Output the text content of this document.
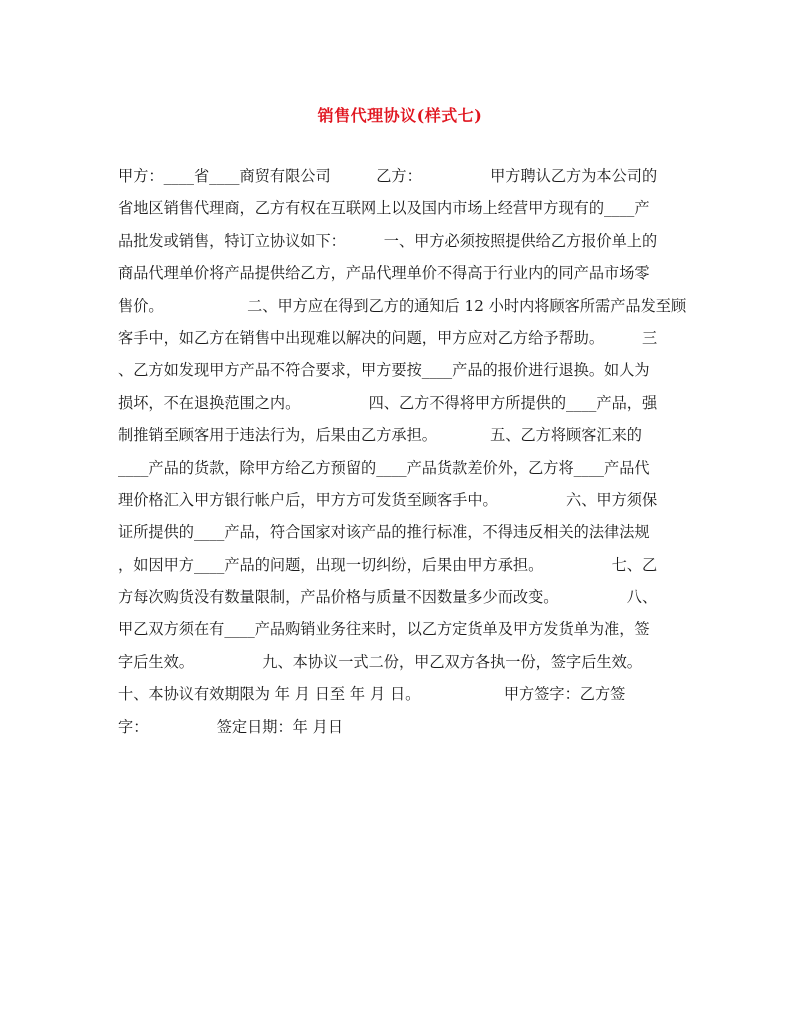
销售代理协议(样式七)
甲方：____省____商贸有限公司　　　乙方：　　　　　甲方聘认乙方为本公司的
省地区销售代理商，乙方有权在互联网上以及国内市场上经营甲方现有的____产
品批发或销售，特订立协议如下：　　　一、甲方必须按照提供给乙方报价单上的
商品代理单价将产品提供给乙方，产品代理单价不得高于行业内的同产品市场零
售价。　　　　　　二、甲方应在得到乙方的通知后 12 小时内将顾客所需产品发至顾
客手中，如乙方在销售中出现难以解决的问题，甲方应对乙方给予帮助。　　　三
、乙方如发现甲方产品不符合要求，甲方要按____产品的报价进行退换。如人为
损坏，不在退换范围之内。　　　　　四、乙方不得将甲方所提供的____产品，强
制推销至顾客用于违法行为，后果由乙方承担。　　　　五、乙方将顾客汇来的
____产品的货款，除甲方给乙方预留的____产品货款差价外，乙方将____产品代
理价格汇入甲方银行帐户后，甲方方可发货至顾客手中。　　　　　六、甲方须保
证所提供的____产品，符合国家对该产品的推行标准，不得违反相关的法律法规
，如因甲方____产品的问题，出现一切纠纷，后果由甲方承担。　　　　　七、乙
方每次购货没有数量限制，产品价格与质量不因数量多少而改变。　　　　　八、
甲乙双方须在有____产品购销业务往来时，以乙方定货单及甲方发货单为准，签
字后生效。　　　　　九、本协议一式二份，甲乙双方各执一份，签字后生效。
十、本协议有效期限为 年 月 日至 年 月 日。　　　　　　甲方签字：乙方签
字：　　　　　签定日期：年 月日
